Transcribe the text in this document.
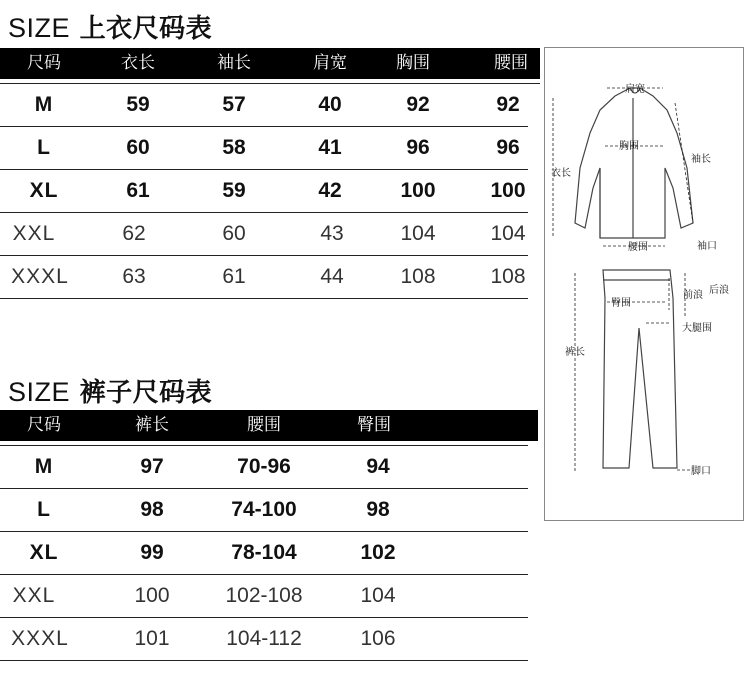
SIZE 上衣尺码表
尺码	衣长	袖长	肩宽	胸围	腰围
M	59	57	40	92	92
L	60	58	41	96	96
XL	61	59	42	100	100
XXL	62	60	43	104	104
XXXL	63	61	44	108	108
SIZE 裤子尺码表
尺码	裤长	腰围	臀围
M	97	70-96	94
L	98	74-100	98
XL	99	78-104	102
XXL	100	102-108	104
XXXL	101	104-112	106
肩宽
胸围
衣长
袖长
腰围	袖口
臀围
前浪 后浪
大腿围
裤长
脚口
